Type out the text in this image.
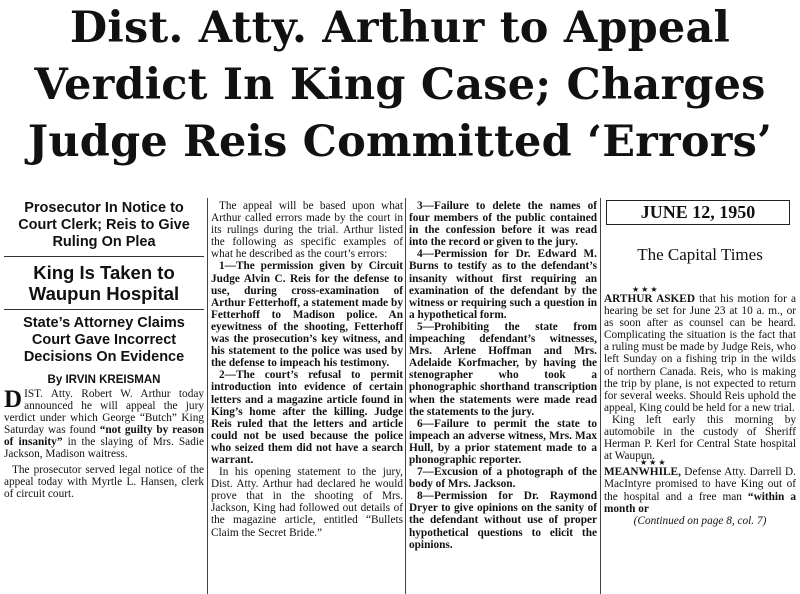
Dist. Atty. Arthur to Appeal
Verdict In King Case; Charges
Judge Reis Committed ‘Errors’
Prosecutor In Notice to Court Clerk; Reis to Give Ruling On Plea
King Is Taken to Waupun Hospital
State’s Attorney Claims Court Gave Incorrect Decisions On Evidence
By IRVIN KREISMAN

DIST. Atty. Robert W. Arthur today announced he will appeal the jury verdict under which George “Butch” King Saturday was found “not guilty by reason of insanity” in the slaying of Mrs. Sadie Jackson, Madison waitress.

The prosecutor served legal notice of the appeal today with Myrtle L. Hansen, clerk of circuit court.

The appeal will be based upon what Arthur called errors made by the court in its rulings during the trial. Arthur listed the following as specific examples of what he described as the court’s errors:

1—The permission given by Circuit Judge Alvin C. Reis for the defense to use, during cross-examination of Arthur Fetterhoff, a statement made by Fetterhoff to Madison police. An eyewitness of the shooting, Fetterhoff was the prosecution’s key witness, and his statement to the police was used by the defense to impeach his testimony.

2—The court’s refusal to permit introduction into evidence of certain letters and a magazine article found in King’s home after the killing. Judge Reis ruled that the letters and article could not be used because the police who seized them did not have a search warrant.

In his opening statement to the jury, Dist. Atty. Arthur had declared he would prove that in the shooting of Mrs. Jackson, King had followed out details of the magazine article, entitled “Bullets Claim the Secret Bride.”

3—Failure to delete the names of four members of the public contained in the confession before it was read into the record or given to the jury.

4—Permission for Dr. Edward M. Burns to testify as to the defendant’s insanity without first requiring an examination of the defendant by the witness or requiring such a question in a hypothetical form.

5—Prohibiting the state from impeaching defendant’s witnesses, Mrs. Arlene Hoffman and Mrs. Adelaide Korfmacher, by having the stenographer who took a phonographic shorthand transcription when the statements were made read the statements to the jury.

6—Failure to permit the state to impeach an adverse witness, Mrs. Max Hull, by a prior statement made to a phonographic reporter.

7—Excusion of a photograph of the body of Mrs. Jackson.

8—Permission for Dr. Raymond Dryer to give opinions on the sanity of the defendant without use of proper hypothetical questions to elicit the opinions.

JUNE 12, 1950
The Capital Times

★★★
ARTHUR ASKED that his motion for a hearing be set for June 23 at 10 a. m., or as soon after as counsel can be heard. Complicating the situation is the fact that a ruling must be made by Judge Reis, who left Sunday on a fishing trip in the wilds of northern Canada. Reis, who is making the trip by plane, is not expected to return for several weeks. Should Reis uphold the appeal, King could be held for a new trial.

King left early this morning by automobile in the custody of Sheriff Herman P. Kerl for Central State hospital at Waupun.

★★★
MEANWHILE, Defense Atty. Darrell D. MacIntyre promised to have King out of the hospital and a free man “within a month or

(Continued on page 8, col. 7)
